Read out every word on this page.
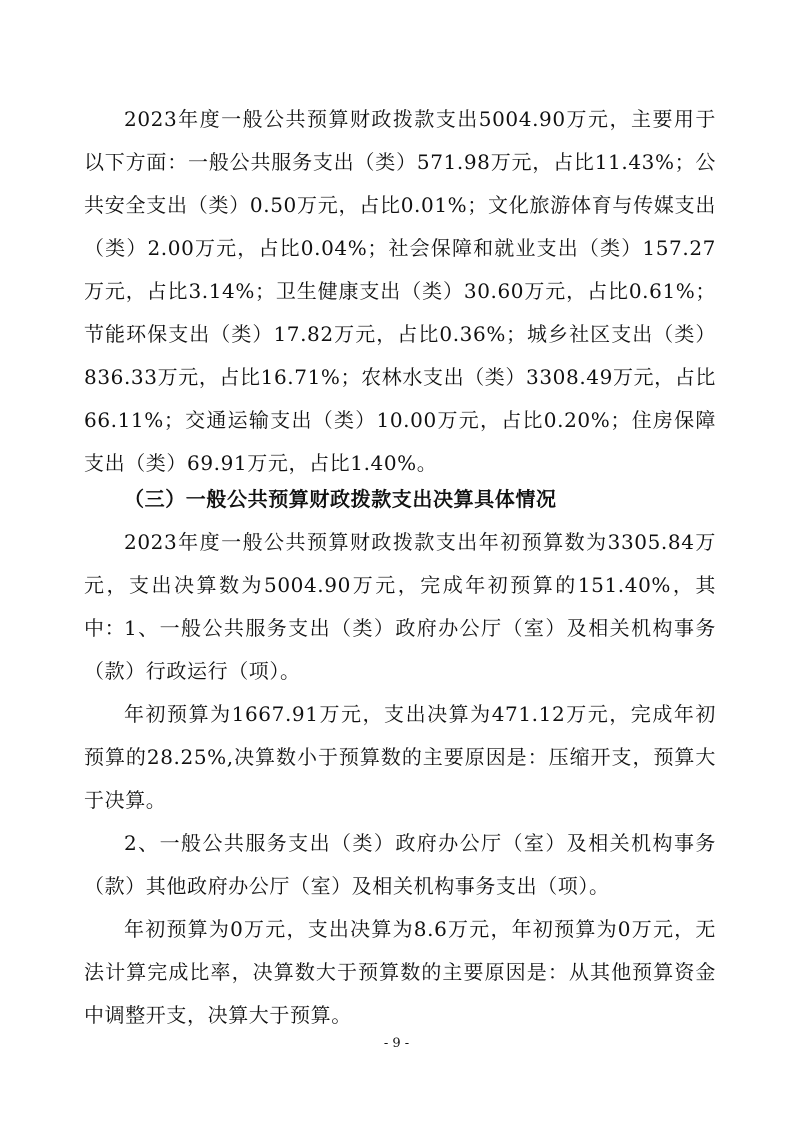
2023年度一般公共预算财政拨款支出5004.90万元，主要用于以下方面：一般公共服务支出（类）571.98万元，占比11.43%；公共安全支出（类）0.50万元，占比0.01%；文化旅游体育与传媒支出（类）2.00万元，占比0.04%；社会保障和就业支出（类）157.27万元，占比3.14%；卫生健康支出（类）30.60万元，占比0.61%；节能环保支出（类）17.82万元，占比0.36%；城乡社区支出（类）836.33万元，占比16.71%；农林水支出（类）3308.49万元，占比66.11%；交通运输支出（类）10.00万元，占比0.20%；住房保障支出（类）69.91万元，占比1.40%。

（三）一般公共预算财政拨款支出决算具体情况

2023年度一般公共预算财政拨款支出年初预算数为3305.84万元，支出决算数为5004.90万元，完成年初预算的151.40%，其中：

1、一般公共服务支出（类）政府办公厅（室）及相关机构事务（款）行政运行（项）。

年初预算为1667.91万元，支出决算为471.12万元，完成年初预算的28.25%,决算数小于预算数的主要原因是：压缩开支，预算大于决算。

2、一般公共服务支出（类）政府办公厅（室）及相关机构事务（款）其他政府办公厅（室）及相关机构事务支出（项）。

年初预算为0万元，支出决算为8.6万元，年初预算为0万元，无法计算完成比率，决算数大于预算数的主要原因是：从其他预算资金中调整开支，决算大于预算。

- 9 -
